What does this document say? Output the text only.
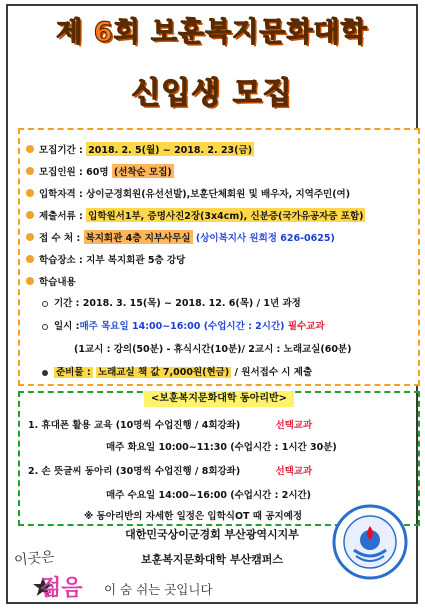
제 6회 보훈복지문화대학
신입생 모집
모집기간 :
2018. 2. 5(월) ~ 2018. 2. 23(금)
모집인원 :
60명
(선착순 모집)
입학자격 :
상이군경회원(유선선발),보훈단체회원 및 배우자, 지역주민(여)
제출서류 :
입학원서1부, 증명사진2장(3x4cm), 신분증(국가유공자증 포함)
접 수 처 :
복지회관 4층 지부사무실
(상이복지사 원희정 626-0625)
학습장소 :
지부 복지회관 5층 강당
학습내용
기간 : 2018. 3. 15(목) ~ 2018. 12. 6(목) / 1년 과정
일시 :매주 목요일 14:00~16:00 (수업시간 : 2시간) 필수교과
(1교시 : 강의(50분) - 휴식시간(10분)/ 2교시 : 노래교실(60분)
준비물 : 노래교실 책 값 7,000원(현금) / 원서접수 시 제출
<보훈복지문화대학 동아리반>
1. 휴대폰 활용 교육 (10명씩 수업진행 / 4회강좌)	선택교과
매주 화요일 10:00~11:30 (수업시간 : 1시간 30분)
2. 손 뜻글씨 동아리 (30명씩 수업진행 / 8회강좌)	선택교과
매주 수요일 14:00~16:00 (수업시간 : 2시간)
※ 동아리반의 자세한 일정은 입학식OT 때 공지예정
대한민국상이군경회 부산광역시지부
보훈복지문화대학 부산캠퍼스
이곳은
젊음 이 숨 쉬는 곳입니다
